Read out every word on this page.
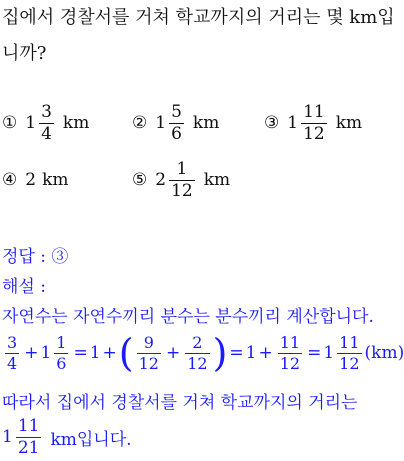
집에서 경찰서를 거쳐 학교까지의 거리는 몇 km입
니까?
① $1 \frac{3}{4}$ km	② $1 \frac{5}{6}$ km	③ $1 \frac{11}{12}$ km
④ 2 km	⑤ $2 \frac{1}{12}$ km
정답 : ③
해설 :
자연수는 자연수끼리 분수는 분수끼리 계산합니다.
$\frac{3}{4} + 1 \frac{1}{6} = 1$ + ( $\frac{9}{12} + \frac{2}{12}$ ) = $1 + \frac{11}{12} = 1 \frac{11}{12} (km)$
따라서 집에서 경찰서를 거쳐 학교까지의 거리는
$1 \frac{11}{21}$ km입니다.
